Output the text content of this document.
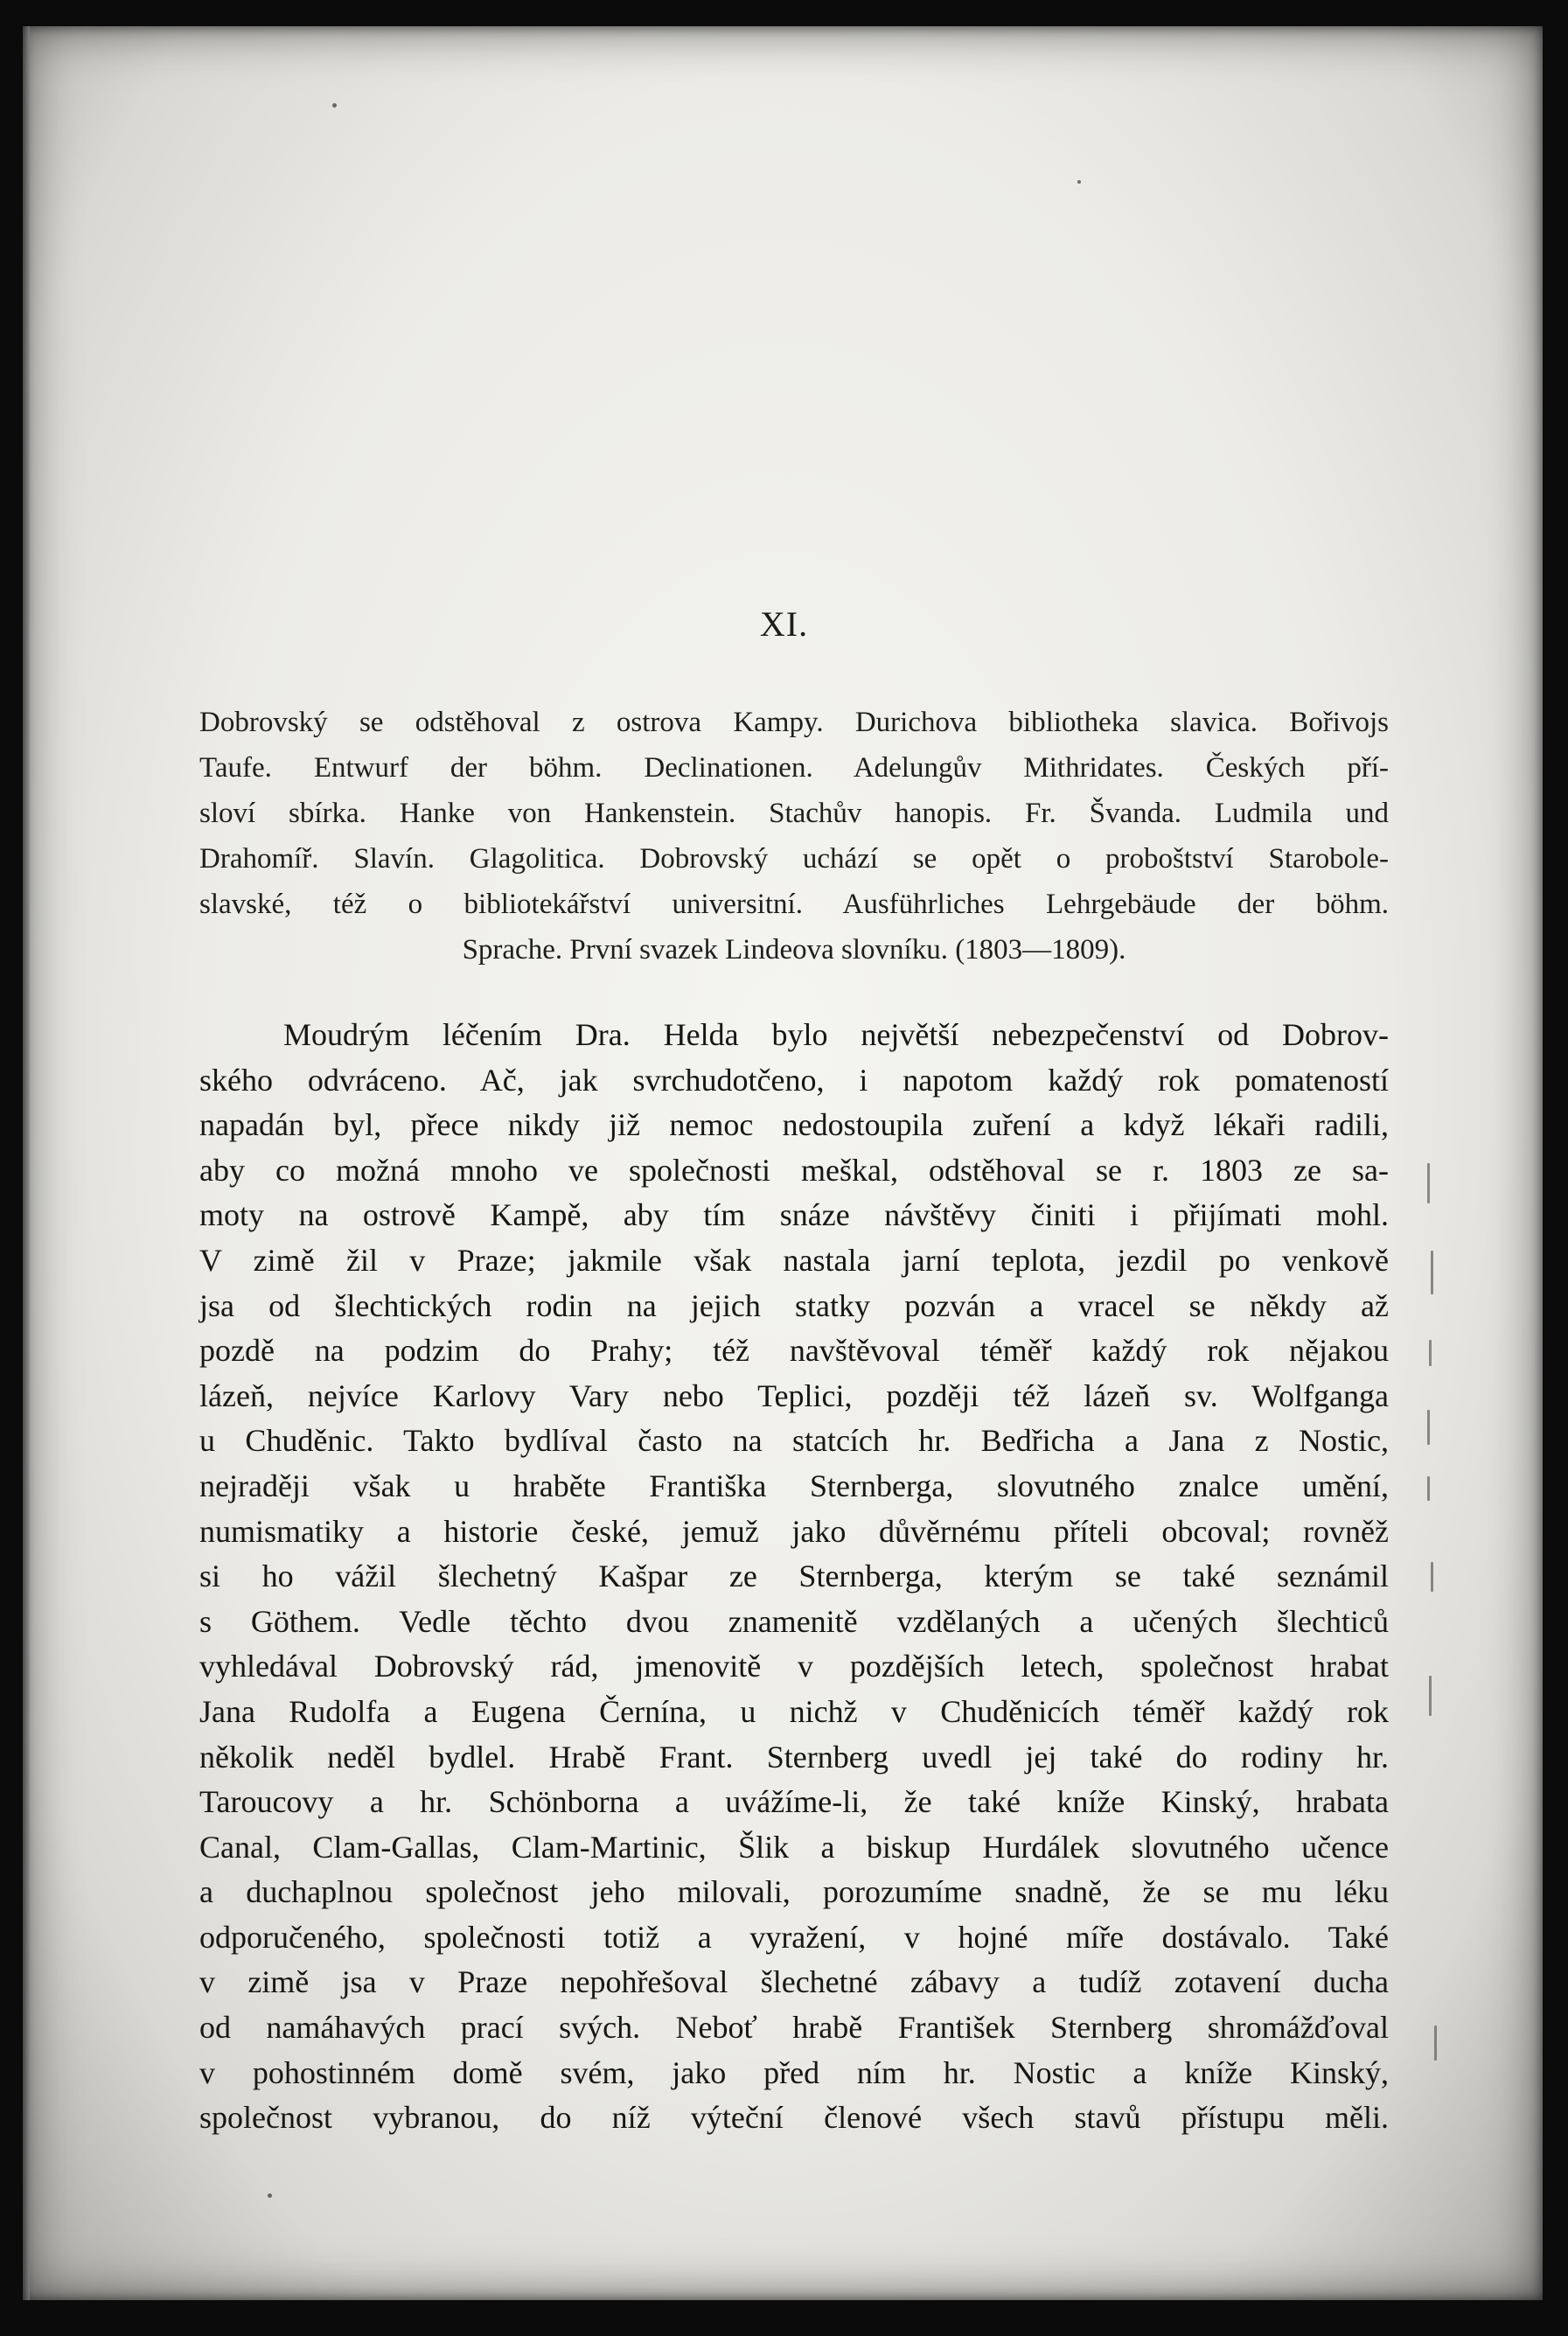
XI.
Dobrovský se odstěhoval z ostrova Kampy. Durichova bibliotheka slavica. Bořivojs
Taufe. Entwurf der böhm. Declinationen. Adelungův Mithridates. Českých pří-
sloví sbírka. Hanke von Hankenstein. Stachův hanopis. Fr. Švanda. Ludmila und
Drahomíř. Slavín. Glagolitica. Dobrovský uchází se opět o proboštství Starobole-
slavské, též o bibliotekářství universitní. Ausführliches Lehrgebäude der böhm.
Sprache. První svazek Lindeova slovníku. (1803—1809).
Moudrým léčením Dra. Helda bylo největší nebezpečenství od Dobrov-
ského odvráceno. Ač, jak svrchudotčeno, i napotom každý rok pomateností
napadán byl, přece nikdy již nemoc nedostoupila zuření a když lékaři radili,
aby co možná mnoho ve společnosti meškal, odstěhoval se r. 1803 ze sa-
moty na ostrově Kampě, aby tím snáze návštěvy činiti i přijímati mohl.
V zimě žil v Praze; jakmile však nastala jarní teplota, jezdil po venkově
jsa od šlechtických rodin na jejich statky pozván a vracel se někdy až
pozdě na podzim do Prahy; též navštěvoval téměř každý rok nějakou
lázeň, nejvíce Karlovy Vary nebo Teplici, později též lázeň sv. Wolfganga
u Chuděnic. Takto bydlíval často na statcích hr. Bedřicha a Jana z Nostic,
nejraději však u hraběte Františka Sternberga, slovutného znalce umění,
numismatiky a historie české, jemuž jako důvěrnému příteli obcoval; rovněž
si ho vážil šlechetný Kašpar ze Sternberga, kterým se také seznámil
s Göthem. Vedle těchto dvou znamenitě vzdělaných a učených šlechticů
vyhledával Dobrovský rád, jmenovitě v pozdějších letech, společnost hrabat
Jana Rudolfa a Eugena Černína, u nichž v Chuděnicích téměř každý rok
několik neděl bydlel. Hrabě Frant. Sternberg uvedl jej také do rodiny hr.
Taroucovy a hr. Schönborna a uvážíme-li, že také kníže Kinský, hrabata
Canal, Clam-Gallas, Clam-Martinic, Šlik a biskup Hurdálek slovutného učence
a duchaplnou společnost jeho milovali, porozumíme snadně, že se mu léku
odporučeného, společnosti totiž a vyražení, v hojné míře dostávalo. Také
v zimě jsa v Praze nepohřešoval šlechetné zábavy a tudíž zotavení ducha
od namáhavých prací svých. Neboť hrabě František Sternberg shromážďoval
v pohostinném domě svém, jako před ním hr. Nostic a kníže Kinský,
společnost vybranou, do níž výteční členové všech stavů přístupu měli.
